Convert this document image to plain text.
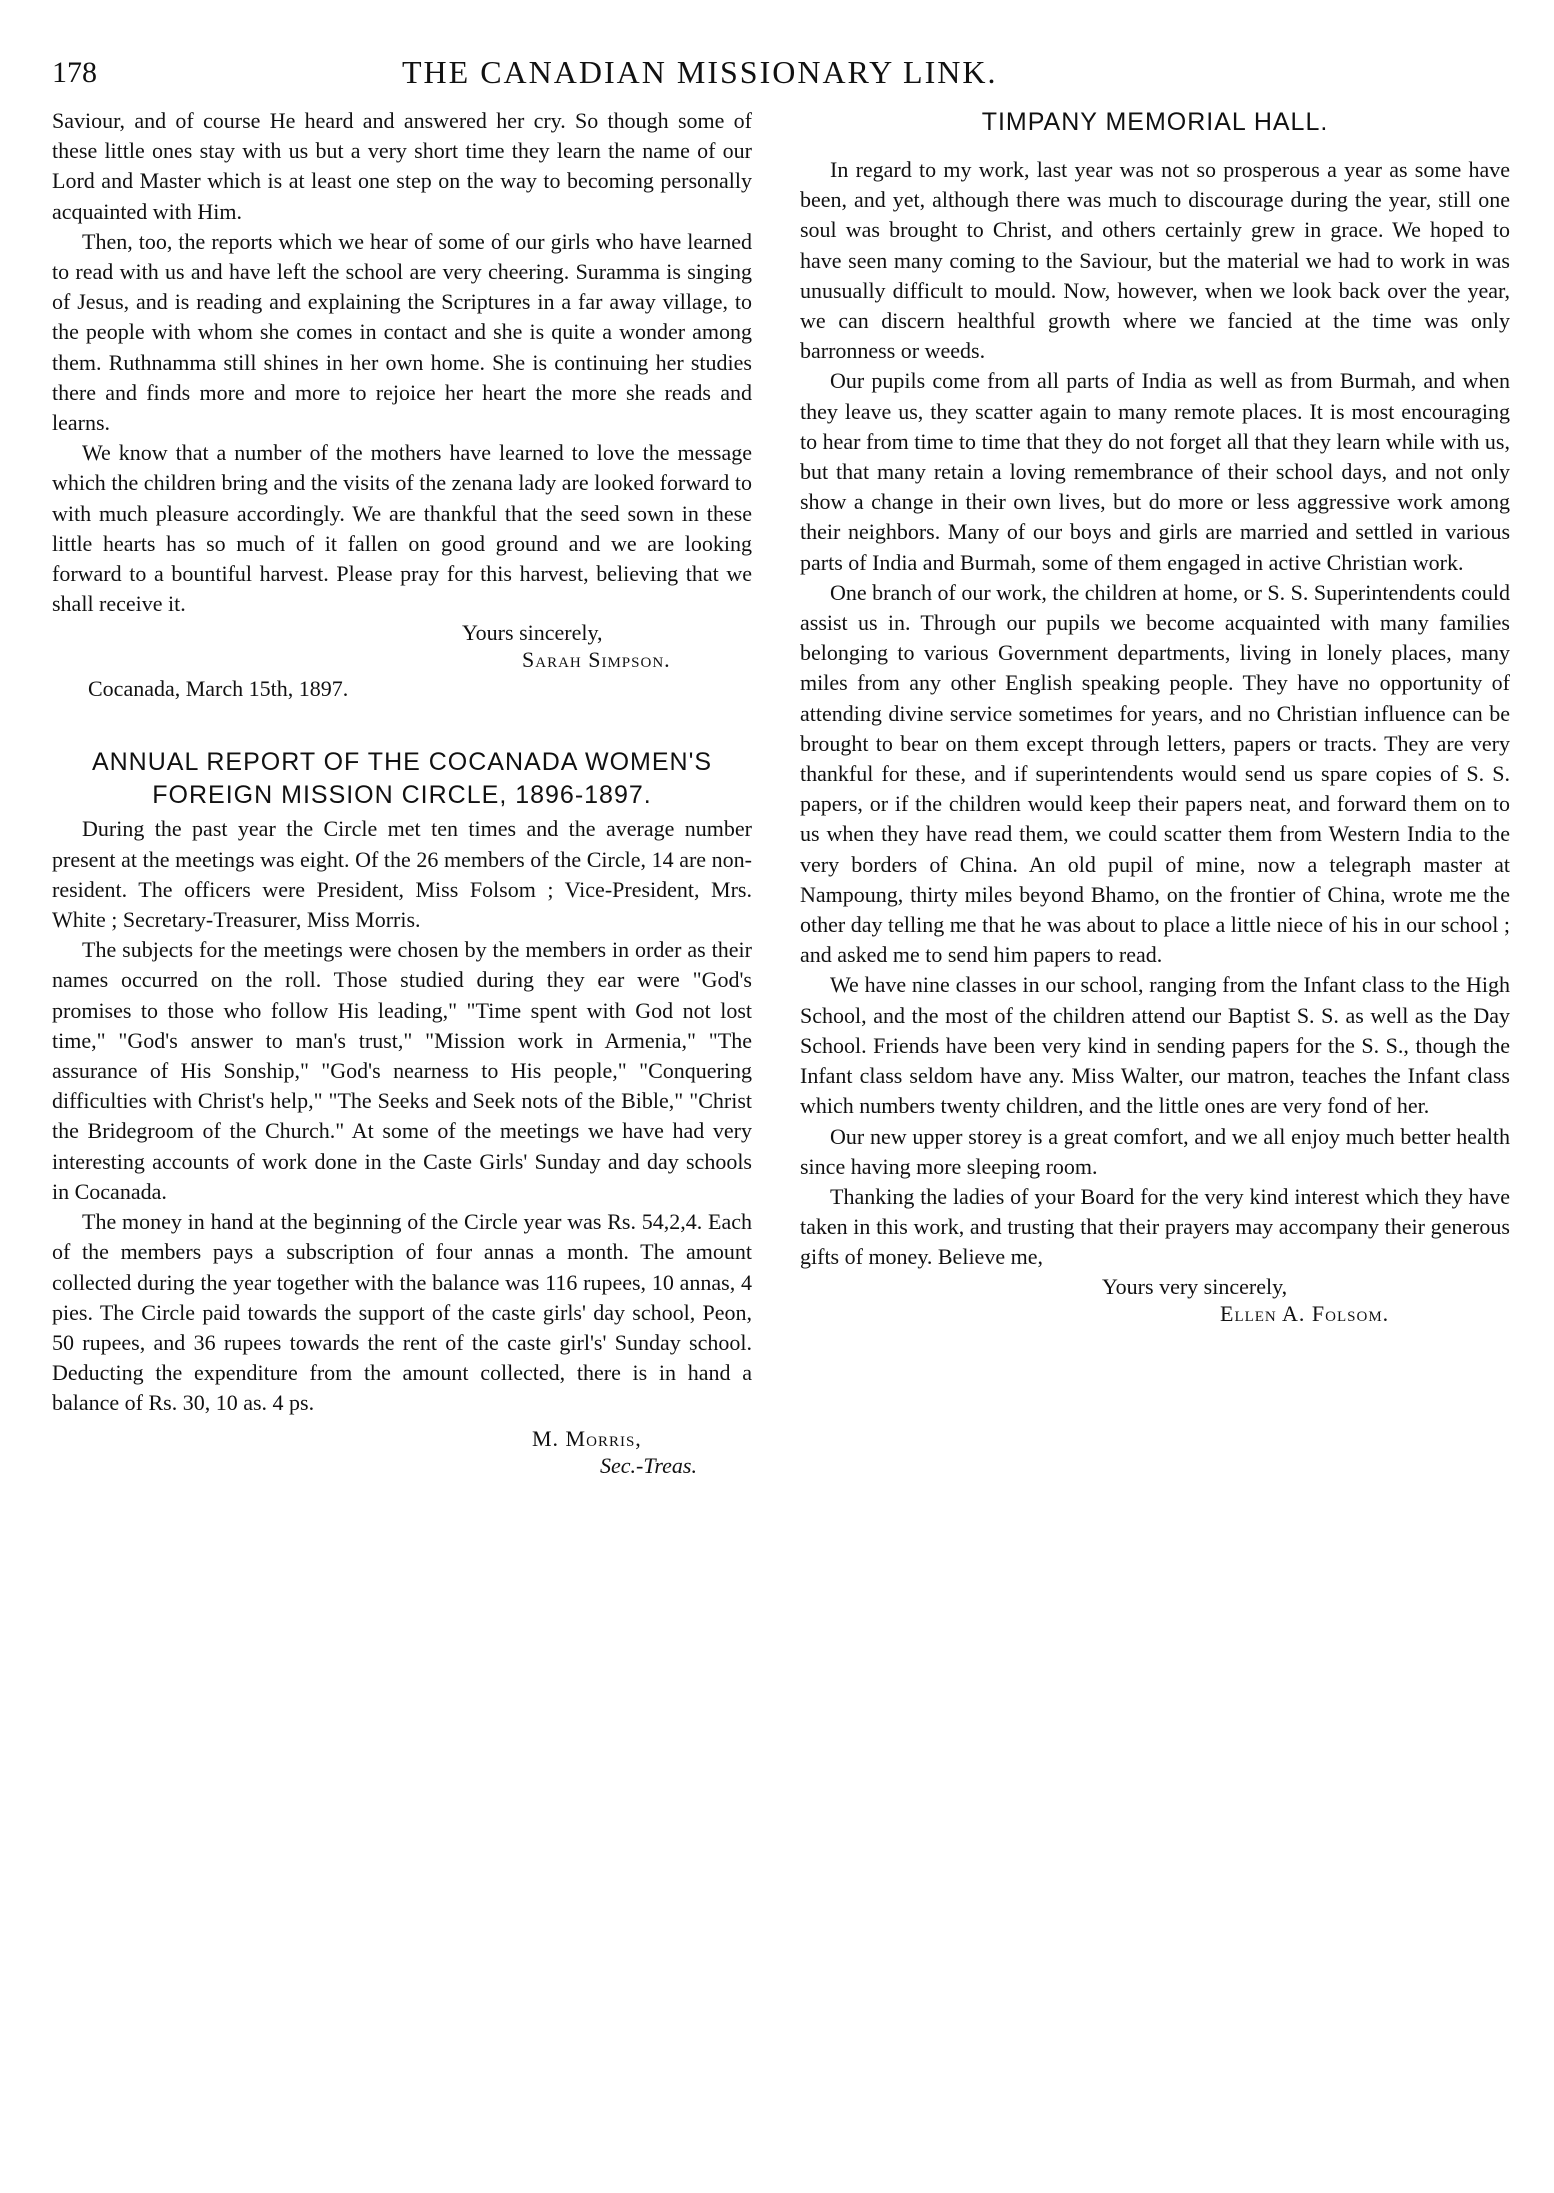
178	THE CANADIAN MISSIONARY LINK.

Saviour, and of course He heard and answered her cry. So though some of these little ones stay with us but a very short time they learn the name of our Lord and Master which is at least one step on the way to becoming personally acquainted with Him.

Then, too, the reports which we hear of some of our girls who have learned to read with us and have left the school are very cheering. Surammа is singing of Jesus, and is reading and explaining the Scriptures in a far away village, to the people with whom she comes in contact and she is quite a wonder among them. Ruthnamma still shines in her own home. She is continuing her studies there and finds more and more to rejoice her heart the more she reads and learns.

We know that a number of the mothers have learned to love the message which the children bring and the visits of the zenana lady are looked forward to with much pleasure accordingly. We are thankful that the seed sown in these little hearts has so much of it fallen on good ground and we are looking forward to a bountiful harvest. Please pray for this harvest, believing that we shall receive it.

Yours sincerely,
Sarah Simpson.
Cocanada, March 15th, 1897.
ANNUAL REPORT OF THE COCANADA WOMEN'S
FOREIGN MISSION CIRCLE, 1896-1897.

During the past year the Circle met ten times and the average number present at the meetings was eight. Of the 26 members of the Circle, 14 are non-resident. The officers were President, Miss Folsom ; Vice-President, Mrs. White ; Secretary-Treasurer, Miss Morris.

The subjects for the meetings were chosen by the members in order as their names occurred on the roll. Those studied during they ear were "God's promises to those who follow His leading," "Time spent with God not lost time," "God's answer to man's trust," "Mission work in Armenia," "The assurance of His Sonship," "God's nearness to His people," "Conquering difficulties with Christ's help," "The Seeks and Seek nots of the Bible," "Christ the Bridegroom of the Church." At some of the meetings we have had very interesting accounts of work done in the Caste Girls' Sunday and day schools in Cocanada.

The money in hand at the beginning of the Circle year was Rs. 54,2,4. Each of the members pays a subscription of four annas a month. The amount collected during the year together with the balance was 116 rupees, 10 annas, 4 pies. The Circle paid towards the support of the caste girls' day school, Peon, 50 rupees, and 36 rupees towards the rent of the caste girl's' Sunday school. Deducting the expenditure from the amount collected, there is in hand a balance of Rs. 30, 10 as. 4 ps.

M. Morris,
Sec.-Treas.
TIMPANY MEMORIAL HALL.

In regard to my work, last year was not so prosperous a year as some have been, and yet, although there was much to discourage during the year, still one soul was brought to Christ, and others certainly grew in grace. We hoped to have seen many coming to the Saviour, but the material we had to work in was unusually difficult to mould. Now, however, when we look back over the year, we can discern healthful growth where we fancied at the time was only barronness or weeds.

Our pupils come from all parts of India as well as from Burmah, and when they leave us, they scatter again to many remote places. It is most encouraging to hear from time to time that they do not forget all that they learn while with us, but that many retain a loving remembrance of their school days, and not only show a change in their own lives, but do more or less aggressive work among their neighbors. Many of our boys and girls are married and settled in various parts of India and Burmah, some of them engaged in active Christian work.

One branch of our work, the children at home, or S. S. Superintendents could assist us in. Through our pupils we become acquainted with many families belonging to various Government departments, living in lonely places, many miles from any other English speaking people. They have no opportunity of attending divine service sometimes for years, and no Christian influence can be brought to bear on them except through letters, papers or tracts. They are very thankful for these, and if superintendents would send us spare copies of S. S. papers, or if the children would keep their papers neat, and forward them on to us when they have read them, we could scatter them from Western India to the very borders of China. An old pupil of mine, now a telegraph master at Nampoung, thirty miles beyond Bhamo, on the frontier of China, wrote me the other day telling me that he was about to place a little niece of his in our school ; and asked me to send him papers to read.

We have nine classes in our school, ranging from the Infant class to the High School, and the most of the children attend our Baptist S. S. as well as the Day School. Friends have been very kind in sending papers for the S. S., though the Infant class seldom have any. Miss Walter, our matron, teaches the Infant class which numbers twenty children, and the little ones are very fond of her.

Our new upper storey is a great comfort, and we all enjoy much better health since having more sleeping room.

Thanking the ladies of your Board for the very kind interest which they have taken in this work, and trusting that their prayers may accompany their generous gifts of money. Believe me,

Yours very sincerely,
Ellen A. Folsom.
